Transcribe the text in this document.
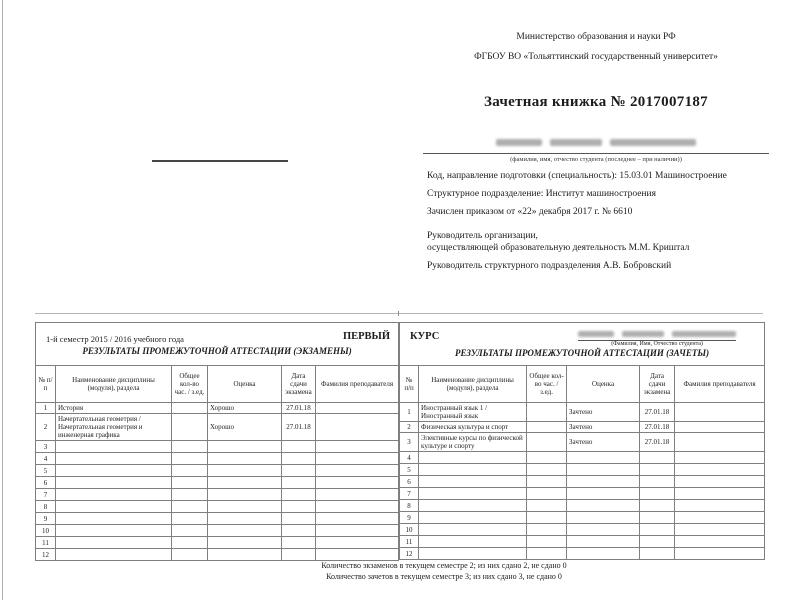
Министерство образования и науки РФ
ФГБОУ ВО «Тольяттинский государственный университет»
Зачетная книжка № 2017007187
(фамилия, имя, отчество студента (последнее – при наличии))
Код, направление подготовки (специальность): 15.03.01 Машиностроение
Структурное подразделение: Институт машиностроения
Зачислен приказом от «22» декабря 2017 г. № 6610
Руководитель организации,
осуществляющей образовательную деятельность М.М. Криштал
Руководитель структурного подразделения А.В. Бобровский
1-й семестр 2015 / 2016 учебного года ПЕРВЫЙ
РЕЗУЛЬТАТЫ ПРОМЕЖУТОЧНОЙ АТТЕСТАЦИИ (ЭКЗАМЕНЫ)					

№ п/п	Наименование дисциплины (модуля), раздела	Общее кол-во час. / з.ед.	Оценка	Дата сдачи экзамена	Фамилия преподавателя
1	История		Хорошо	27.01.18	
2	Начертательная геометрия / Начертательная геометрия и инженерная графика		Хорошо	27.01.18	
3					
4					
5					
6					
7					
8					
9					
10					
11					
12					
КУРС
(Фамилия, Имя, Отчество студента)
РЕЗУЛЬТАТЫ ПРОМЕЖУТОЧНОЙ АТТЕСТАЦИИ (ЗАЧЕТЫ)					

№ п/п	Наименование дисциплины (модуля), раздела	Общее кол-во час. / з.ед.	Оценка	Дата сдачи экзамена	Фамилия преподавателя
1	Иностранный язык 1 / Иностранный язык		Зачтено	27.01.18	
2	Физическая культура и спорт		Зачтено	27.01.18	
3	Элективные курсы по физической культуре и спорту		Зачтено	27.01.18	
4					
5					
6					
7					
8					
9					
10					
11					
12					
Количество экзаменов в текущем семестре 2; из них сдано 2, не сдано 0
Количество зачетов в текущем семестре 3; из них сдано 3, не сдано 0
